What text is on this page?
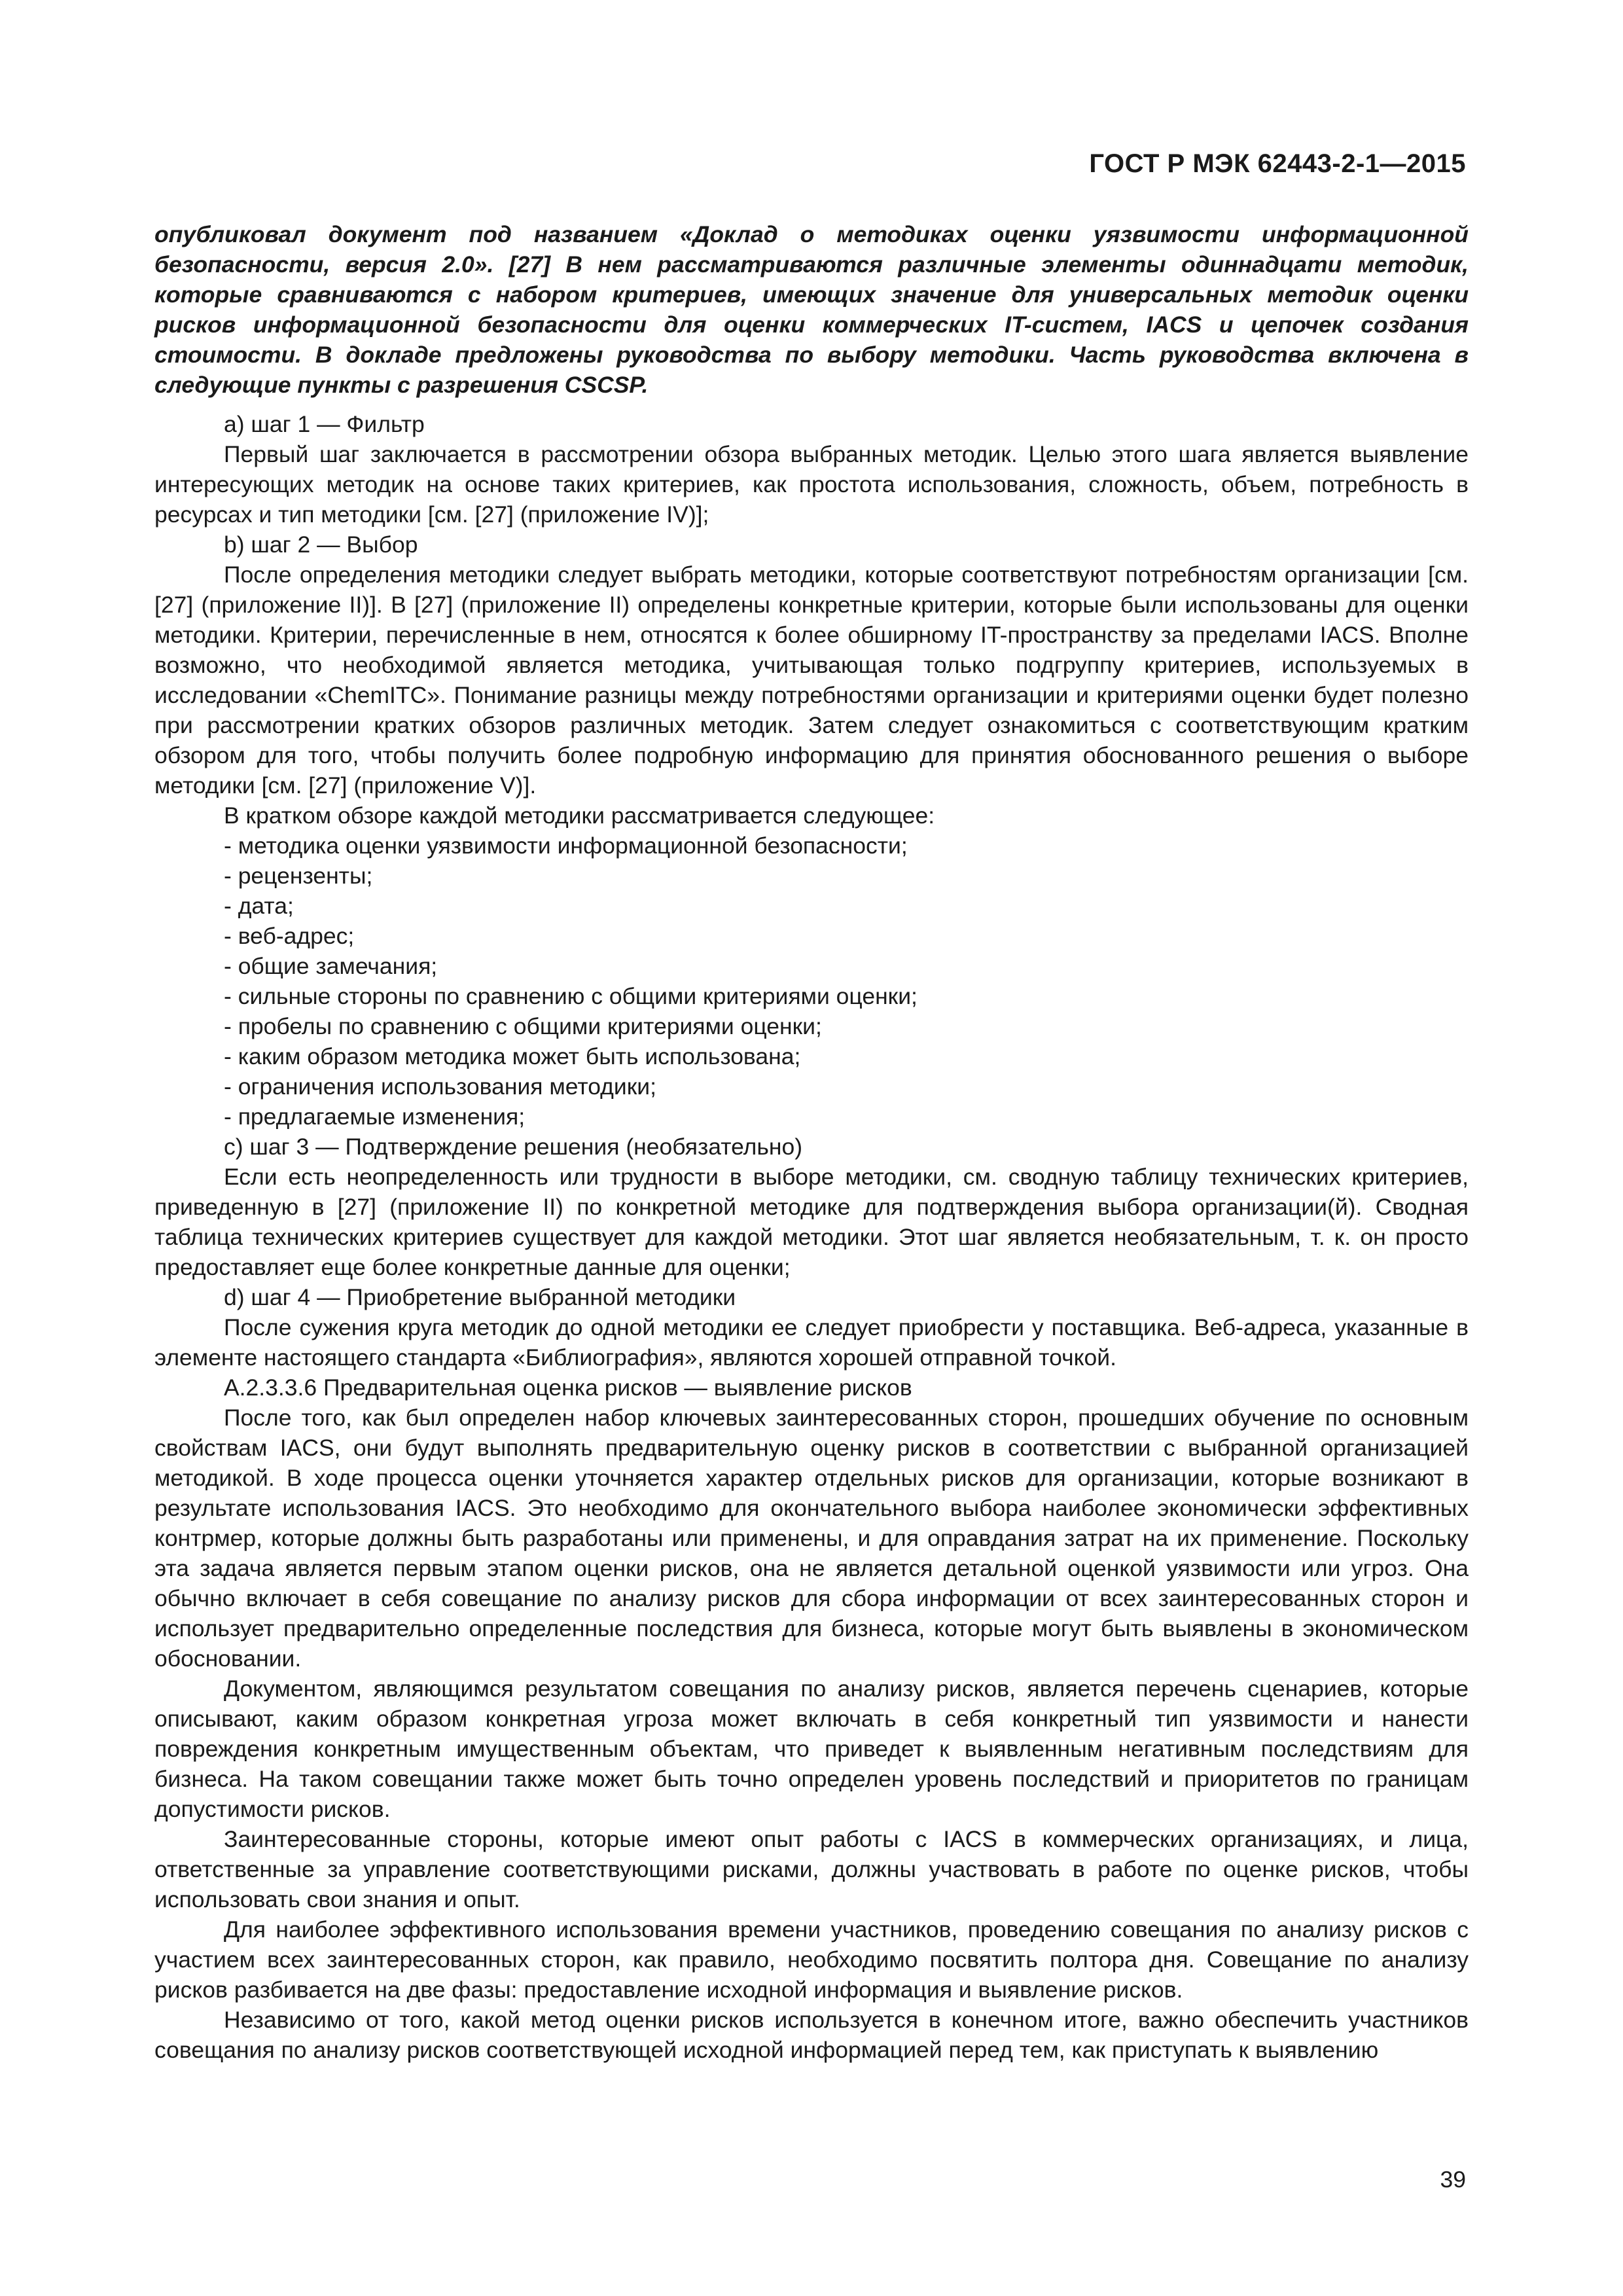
ГОСТ Р МЭК 62443-2-1—2015

опубликовал документ под названием «Доклад о методиках оценки уязвимости информационной безопасности, версия 2.0». [27] В нем рассматриваются различные элементы одиннадцати методик, которые сравниваются с набором критериев, имеющих значение для универсальных методик оценки рисков информационной безопасности для оценки коммерческих IT-систем, IACS и цепочек создания стоимости. В докладе предложены руководства по выбору методики. Часть руководства включена в следующие пункты с разрешения CSCSP.

a) шаг 1 — Фильтр

Первый шаг заключается в рассмотрении обзора выбранных методик. Целью этого шага является выявление интересующих методик на основе таких критериев, как простота использования, сложность, объем, потребность в ресурсах и тип методики [см. [27] (приложение IV)];

b) шаг 2 — Выбор

После определения методики следует выбрать методики, которые соответствуют потребностям организации [см. [27] (приложение II)]. В [27] (приложение II) определены конкретные критерии, которые были использованы для оценки методики. Критерии, перечисленные в нем, относятся к более обширному IT-пространству за пределами IACS. Вполне возможно, что необходимой является методика, учитывающая только подгруппу критериев, используемых в исследовании «ChemITC». Понимание разницы между потребностями организации и критериями оценки будет полезно при рассмотрении кратких обзоров различных методик. Затем следует ознакомиться с соответствующим кратким обзором для того, чтобы получить более подробную информацию для принятия обоснованного решения о выборе методики [см. [27] (приложение V)].

В кратком обзоре каждой методики рассматривается следующее:

- методика оценки уязвимости информационной безопасности;
- рецензенты;
- дата;
- веб-адрес;
- общие замечания;
- сильные стороны по сравнению с общими критериями оценки;
- пробелы по сравнению с общими критериями оценки;
- каким образом методика может быть использована;
- ограничения использования методики;
- предлагаемые изменения;

c) шаг 3 — Подтверждение решения (необязательно)

Если есть неопределенность или трудности в выборе методики, см. сводную таблицу технических критериев, приведенную в [27] (приложение II) по конкретной методике для подтверждения выбора организации(й). Сводная таблица технических критериев существует для каждой методики. Этот шаг является необязательным, т. к. он просто предоставляет еще более конкретные данные для оценки;

d) шаг 4 — Приобретение выбранной методики

После сужения круга методик до одной методики ее следует приобрести у поставщика. Веб-адреса, указанные в элементе настоящего стандарта «Библиография», являются хорошей отправной точкой.

А.2.3.3.6 Предварительная оценка рисков — выявление рисков

После того, как был определен набор ключевых заинтересованных сторон, прошедших обучение по основным свойствам IACS, они будут выполнять предварительную оценку рисков в соответствии с выбранной организацией методикой. В ходе процесса оценки уточняется характер отдельных рисков для организации, которые возникают в результате использования IACS. Это необходимо для окончательного выбора наиболее экономически эффективных контрмер, которые должны быть разработаны или применены, и для оправдания затрат на их применение. Поскольку эта задача является первым этапом оценки рисков, она не является детальной оценкой уязвимости или угроз. Она обычно включает в себя совещание по анализу рисков для сбора информации от всех заинтересованных сторон и использует предварительно определенные последствия для бизнеса, которые могут быть выявлены в экономическом обосновании.

Документом, являющимся результатом совещания по анализу рисков, является перечень сценариев, которые описывают, каким образом конкретная угроза может включать в себя конкретный тип уязвимости и нанести повреждения конкретным имущественным объектам, что приведет к выявленным негативным последствиям для бизнеса. На таком совещании также может быть точно определен уровень последствий и приоритетов по границам допустимости рисков.

Заинтересованные стороны, которые имеют опыт работы с IACS в коммерческих организациях, и лица, ответственные за управление соответствующими рисками, должны участвовать в работе по оценке рисков, чтобы использовать свои знания и опыт.

Для наиболее эффективного использования времени участников, проведению совещания по анализу рисков с участием всех заинтересованных сторон, как правило, необходимо посвятить полтора дня. Совещание по анализу рисков разбивается на две фазы: предоставление исходной информация и выявление рисков.

Независимо от того, какой метод оценки рисков используется в конечном итоге, важно обеспечить участников совещания по анализу рисков соответствующей исходной информацией перед тем, как приступать к выявлению

39
